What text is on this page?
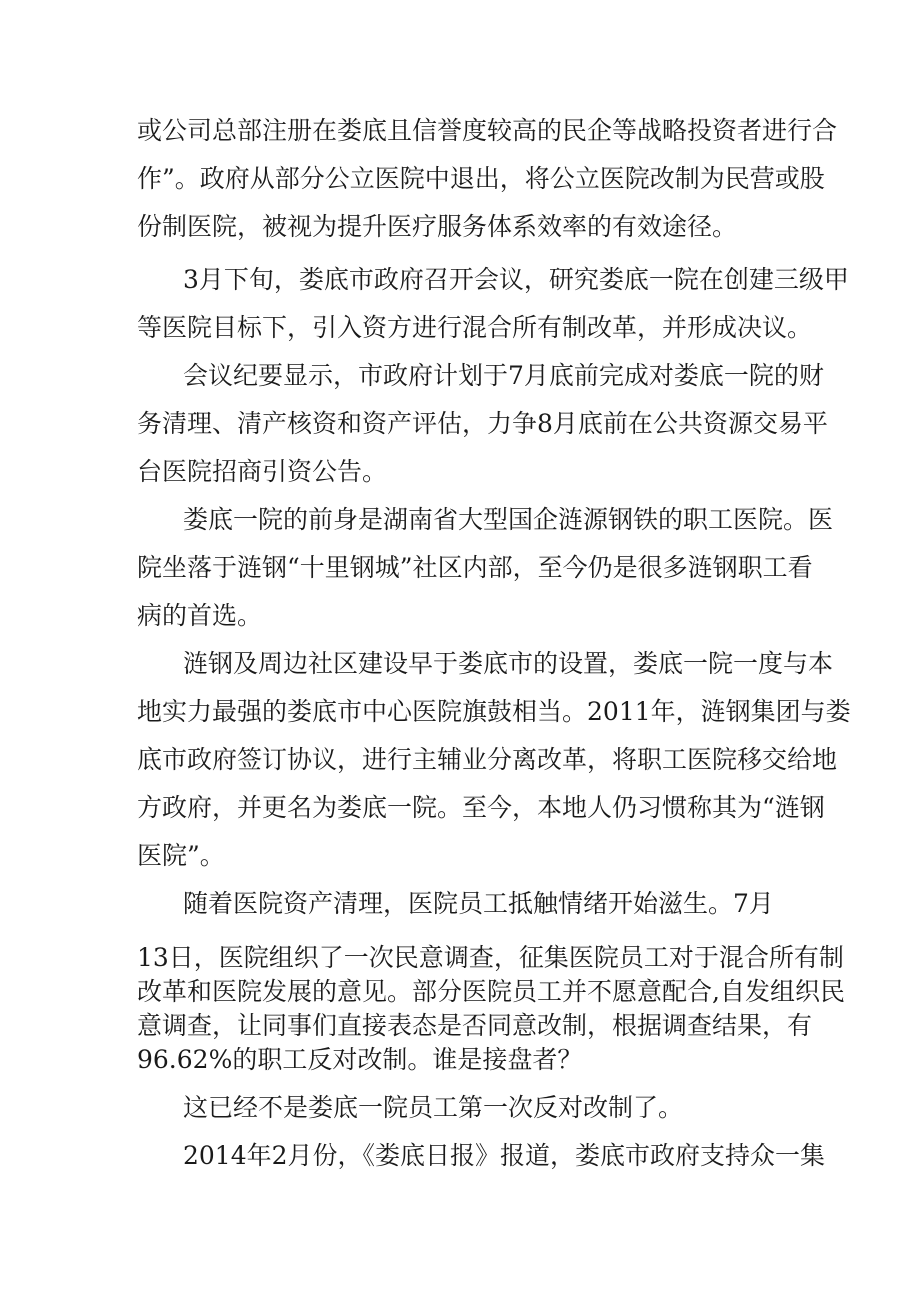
或公司总部注册在娄底且信誉度较高的民企等战略投资者进行合
作”。政府从部分公立医院中退出，将公立医院改制为民营或股
份制医院，被视为提升医疗服务体系效率的有效途径。
3月下旬，娄底市政府召开会议，研究娄底一院在创建三级甲
等医院目标下，引入资方进行混合所有制改革，并形成决议。
会议纪要显示，市政府计划于7月底前完成对娄底一院的财
务清理、清产核资和资产评估，力争8月底前在公共资源交易平
台医院招商引资公告。
娄底一院的前身是湖南省大型国企涟源钢铁的职工医院。医
院坐落于涟钢“十里钢城”社区内部，至今仍是很多涟钢职工看
病的首选。
涟钢及周边社区建设早于娄底市的设置，娄底一院一度与本
地实力最强的娄底市中心医院旗鼓相当。2011年，涟钢集团与娄
底市政府签订协议，进行主辅业分离改革，将职工医院移交给地
方政府，并更名为娄底一院。至今，本地人仍习惯称其为“涟钢
医院”。
随着医院资产清理，医院员工抵触情绪开始滋生。7月
13日，医院组织了一次民意调查，征集医院员工对于混合所有制
改革和医院发展的意见。部分医院员工并不愿意配合,自发组织民
意调查，让同事们直接表态是否同意改制，根据调查结果，有
96.62%的职工反对改制。谁是接盘者？
这已经不是娄底一院员工第一次反对改制了。
2014年2月份，《娄底日报》报道，娄底市政府支持众一集
